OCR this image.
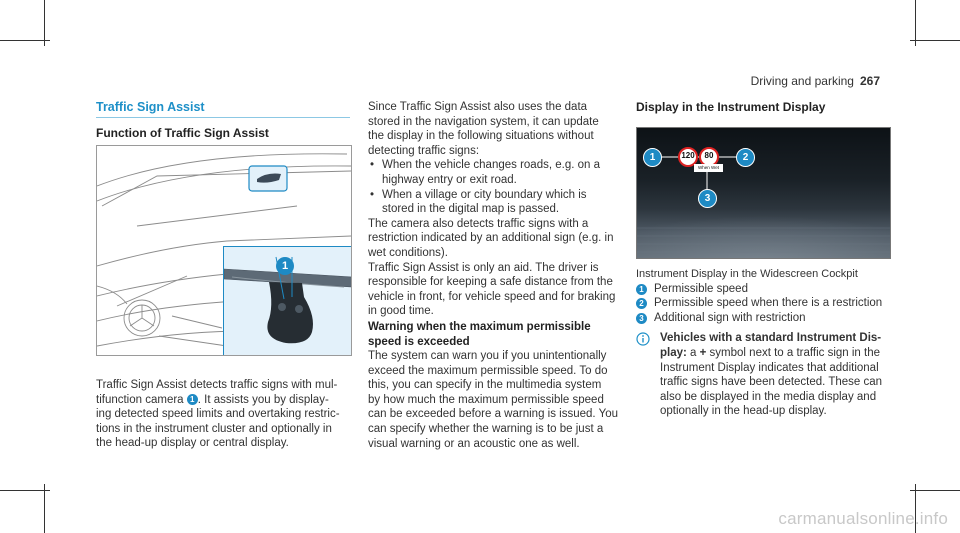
Driving and parking 267
Traffic Sign Assist
Function of Traffic Sign Assist
1

Traffic Sign Assist detects traffic signs with mul-

tifunction camera 1 . It assists you by display-

ing detected speed limits and overtaking restric-

tions in the instrument cluster and optionally in

the head-up display or central display.

Since Traffic Sign Assist also uses the data

stored in the navigation system, it can update

the display in the following situations without

detecting traffic signs:

• When the vehicle changes roads, e.g. on a

highway entry or exit road.

• When a village or city boundary which is

stored in the digital map is passed.

The camera also detects traffic signs with a

restriction indicated by an additional sign (e.g. in

wet conditions).

Traffic Sign Assist is only an aid. The driver is

responsible for keeping a safe distance from the

vehicle in front, for vehicle speed and for braking

in good time.

Warning when the maximum permissible

speed is exceeded

The system can warn you if you unintentionally

exceed the maximum permissible speed. To do

this, you can specify in the multimedia system

by how much the maximum permissible speed

can be exceeded before a warning is issued. You

can specify whether the warning is to be just a

visual warning or an acoustic one as well.

Display in the Instrument Display
120	80
When Wet
1	2
3

Instrument Display in the Widescreen Cockpit

1 Permissible speed
2 Permissible speed when there is a restriction
3 Additional sign with restriction

Vehicles with a standard Instrument Dis-

play: a + symbol next to a traffic sign in the

Instrument Display indicates that additional

traffic signs have been detected. These can

also be displayed in the media display and

optionally in the head-up display.

carmanualsonline.info
